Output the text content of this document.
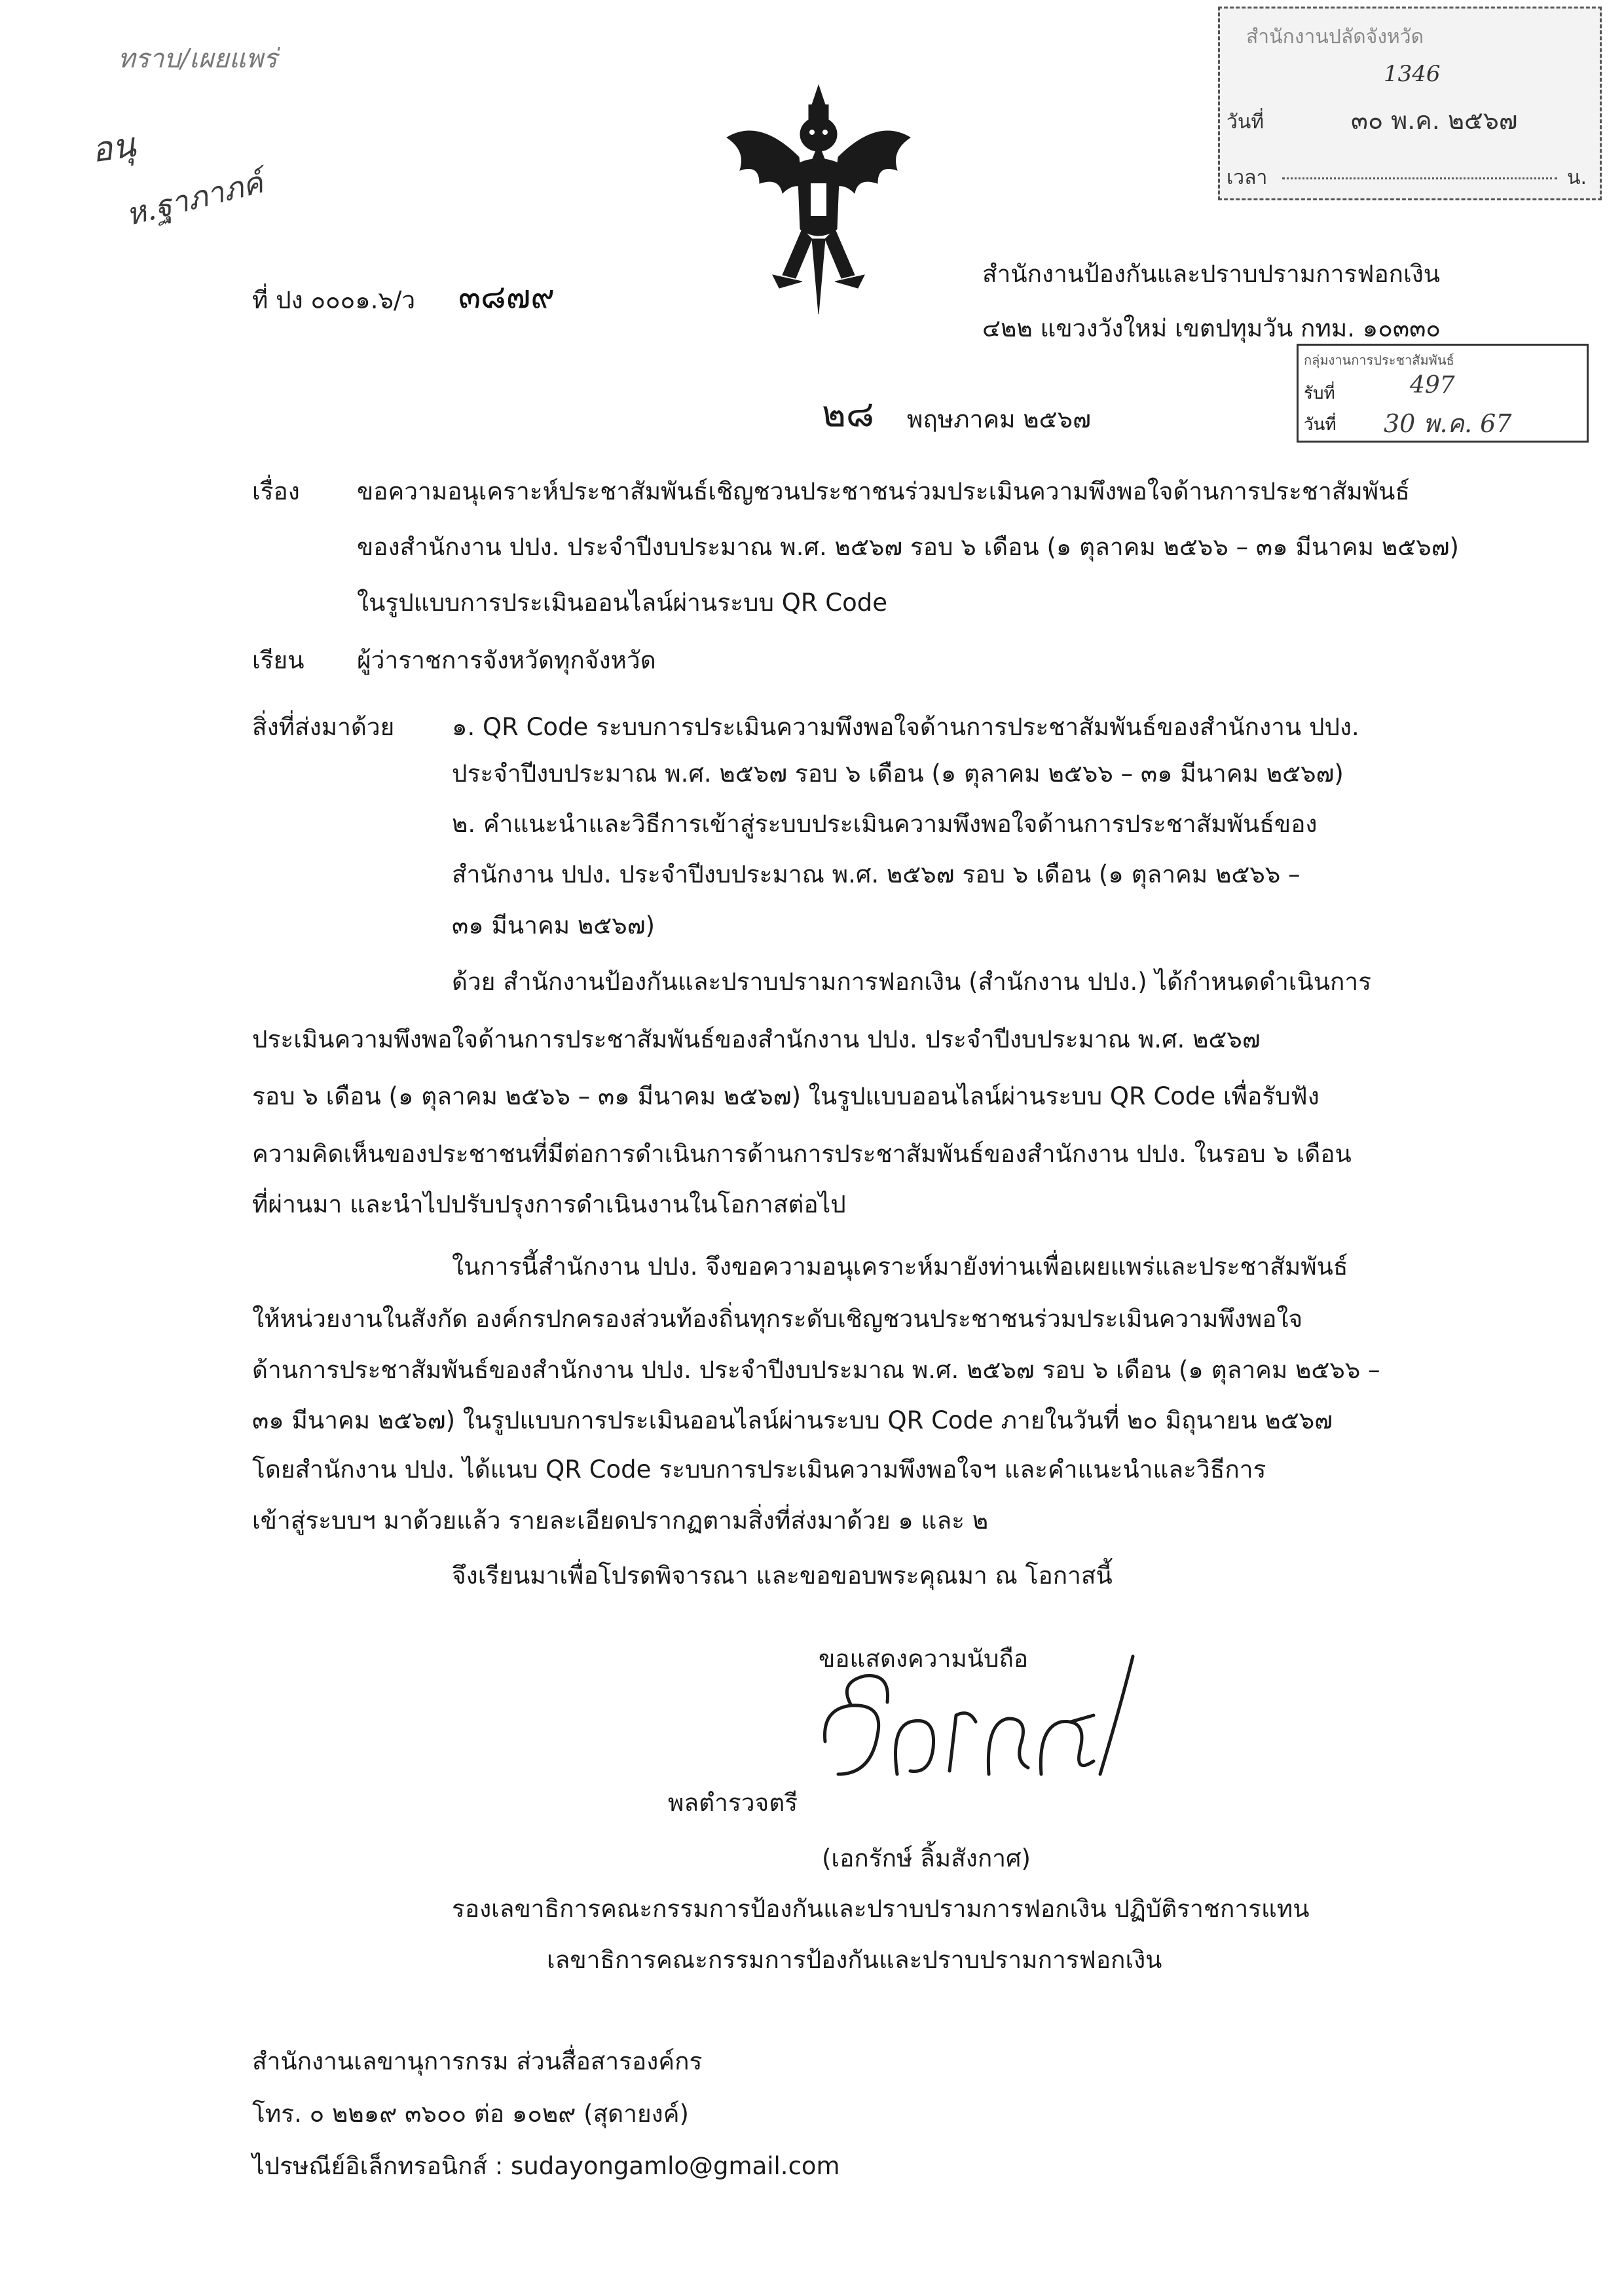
ทราบ/เผยแพร่
อนุ
ห.ฐาภาภค์
สำนักงานปลัดจังหวัด
1346
วันที่	๓๐ พ.ค. ๒๕๖๗
เวลา	น.
ที่ ปง ๐๐๐๑.๖/ว ๓๘๗๙
สำนักงานป้องกันและปราบปรามการฟอกเงิน
๔๒๒ แขวงวังใหม่ เขตปทุมวัน กทม. ๑๐๓๓๐
กลุ่มงานการประชาสัมพันธ์
รับที่	497
วันที่ 30 พ.ค. 67
๒๘ พฤษภาคม ๒๕๖๗
เรื่อง ขอความอนุเคราะห์ประชาสัมพันธ์เชิญชวนประชาชนร่วมประเมินความพึงพอใจด้านการประชาสัมพันธ์
ของสำนักงาน ปปง. ประจำปีงบประมาณ พ.ศ. ๒๕๖๗ รอบ ๖ เดือน (๑ ตุลาคม ๒๕๖๖ – ๓๑ มีนาคม ๒๕๖๗)
ในรูปแบบการประเมินออนไลน์ผ่านระบบ QR Code
เรียน ผู้ว่าราชการจังหวัดทุกจังหวัด
สิ่งที่ส่งมาด้วย ๑. QR Code ระบบการประเมินความพึงพอใจด้านการประชาสัมพันธ์ของสำนักงาน ปปง.
ประจำปีงบประมาณ พ.ศ. ๒๕๖๗ รอบ ๖ เดือน (๑ ตุลาคม ๒๕๖๖ – ๓๑ มีนาคม ๒๕๖๗)
๒. คำแนะนำและวิธีการเข้าสู่ระบบประเมินความพึงพอใจด้านการประชาสัมพันธ์ของ
สำนักงาน ปปง. ประจำปีงบประมาณ พ.ศ. ๒๕๖๗ รอบ ๖ เดือน (๑ ตุลาคม ๒๕๖๖ –
๓๑ มีนาคม ๒๕๖๗)
ด้วย สำนักงานป้องกันและปราบปรามการฟอกเงิน (สำนักงาน ปปง.) ได้กำหนดดำเนินการ
ประเมินความพึงพอใจด้านการประชาสัมพันธ์ของสำนักงาน ปปง. ประจำปีงบประมาณ พ.ศ. ๒๕๖๗
รอบ ๖ เดือน (๑ ตุลาคม ๒๕๖๖ – ๓๑ มีนาคม ๒๕๖๗) ในรูปแบบออนไลน์ผ่านระบบ QR Code เพื่อรับฟัง
ความคิดเห็นของประชาชนที่มีต่อการดำเนินการด้านการประชาสัมพันธ์ของสำนักงาน ปปง. ในรอบ ๖ เดือน
ที่ผ่านมา และนำไปปรับปรุงการดำเนินงานในโอกาสต่อไป
ในการนี้สำนักงาน ปปง. จึงขอความอนุเคราะห์มายังท่านเพื่อเผยแพร่และประชาสัมพันธ์
ให้หน่วยงานในสังกัด องค์กรปกครองส่วนท้องถิ่นทุกระดับเชิญชวนประชาชนร่วมประเมินความพึงพอใจ
ด้านการประชาสัมพันธ์ของสำนักงาน ปปง. ประจำปีงบประมาณ พ.ศ. ๒๕๖๗ รอบ ๖ เดือน (๑ ตุลาคม ๒๕๖๖ –
๓๑ มีนาคม ๒๕๖๗) ในรูปแบบการประเมินออนไลน์ผ่านระบบ QR Code ภายในวันที่ ๒๐ มิถุนายน ๒๕๖๗
โดยสำนักงาน ปปง. ได้แนบ QR Code ระบบการประเมินความพึงพอใจฯ และคำแนะนำและวิธีการ
เข้าสู่ระบบฯ มาด้วยแล้ว รายละเอียดปรากฏตามสิ่งที่ส่งมาด้วย ๑ และ ๒
จึงเรียนมาเพื่อโปรดพิจารณา และขอขอบพระคุณมา ณ โอกาสนี้
ขอแสดงความนับถือ
พลตำรวจตรี
(เอกรักษ์ ลิ้มสังกาศ)
รองเลขาธิการคณะกรรมการป้องกันและปราบปรามการฟอกเงิน ปฏิบัติราชการแทน
เลขาธิการคณะกรรมการป้องกันและปราบปรามการฟอกเงิน
สำนักงานเลขานุการกรม ส่วนสื่อสารองค์กร
โทร. ๐ ๒๒๑๙ ๓๖๐๐ ต่อ ๑๐๒๙ (สุดายงค์)
ไปรษณีย์อิเล็กทรอนิกส์ : sudayongamlo@gmail.com
